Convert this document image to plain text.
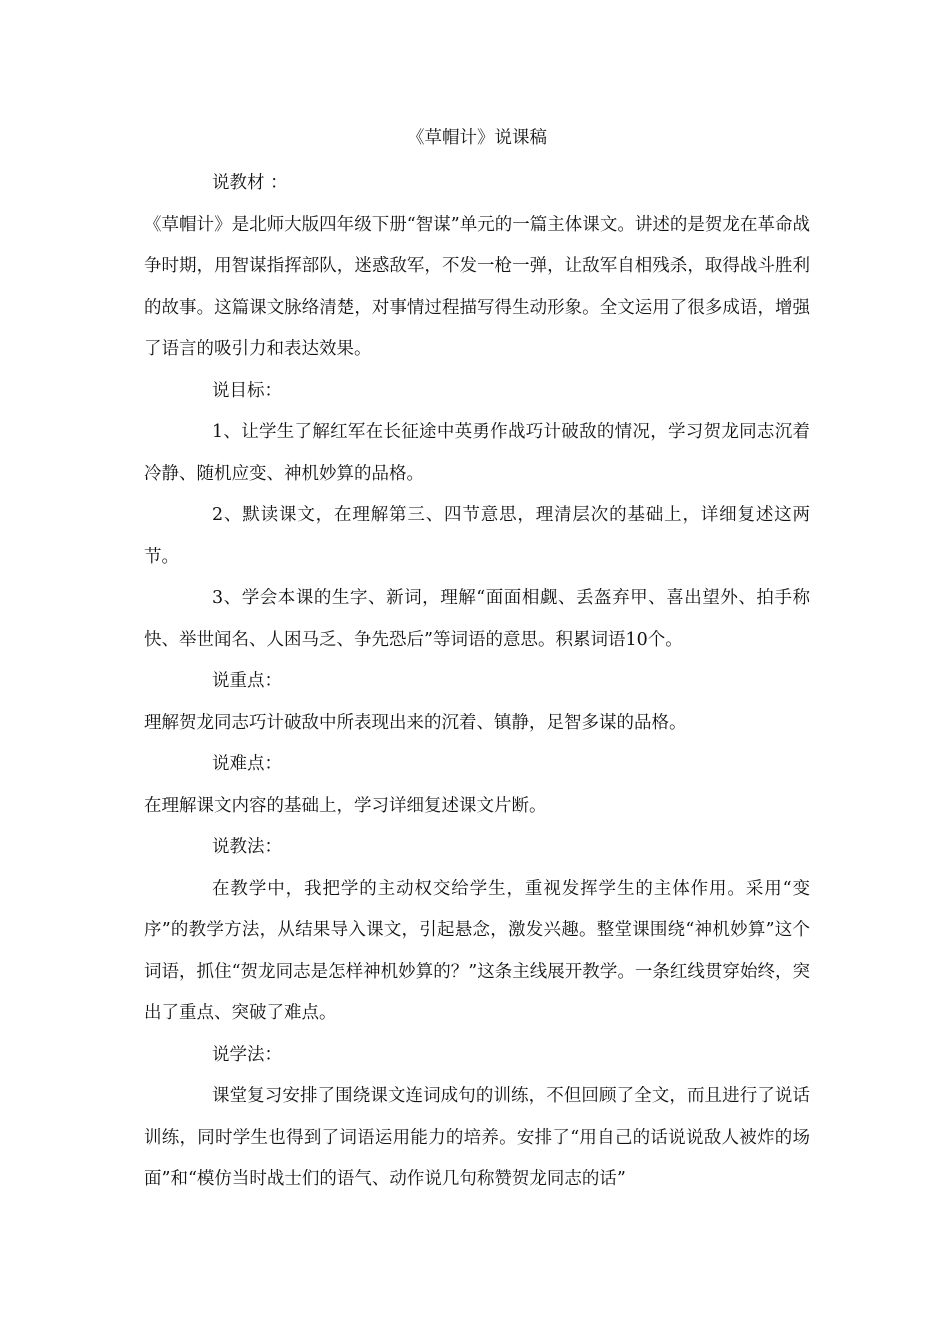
《草帽计》说课稿

说教材 ：

《草帽计》是北师大版四年级下册“智谋”单元的一篇主体课文。讲述的是贺龙在革命战争时期，用智谋指挥部队，迷惑敌军，不发一枪一弹，让敌军自相残杀，取得战斗胜利的故事。这篇课文脉络清楚，对事情过程描写得生动形象。全文运用了很多成语，增强了语言的吸引力和表达效果。

说目标：

1、让学生了解红军在长征途中英勇作战巧计破敌的情况，学习贺龙同志沉着冷静、随机应变、神机妙算的品格。

2、默读课文，在理解第三、四节意思，理清层次的基础上，详细复述这两节。

3、学会本课的生字、新词，理解“面面相觑、丢盔弃甲、喜出望外、拍手称快、举世闻名、人困马乏、争先恐后”等词语的意思。积累词语10个。

说重点：

理解贺龙同志巧计破敌中所表现出来的沉着、镇静，足智多谋的品格。

说难点：

在理解课文内容的基础上，学习详细复述课文片断。

说教法：

在教学中，我把学的主动权交给学生，重视发挥学生的主体作用。采用“变序”的教学方法，从结果导入课文，引起悬念，激发兴趣。整堂课围绕“神机妙算”这个词语，抓住“贺龙同志是怎样神机妙算的？”这条主线展开教学。一条红线贯穿始终，突出了重点、突破了难点。

说学法：

课堂复习安排了围绕课文连词成句的训练，不但回顾了全文，而且进行了说话训练，同时学生也得到了词语运用能力的培养。安排了“用自己的话说说敌人被炸的场面”和“模仿当时战士们的语气、动作说几句称赞贺龙同志的话”
